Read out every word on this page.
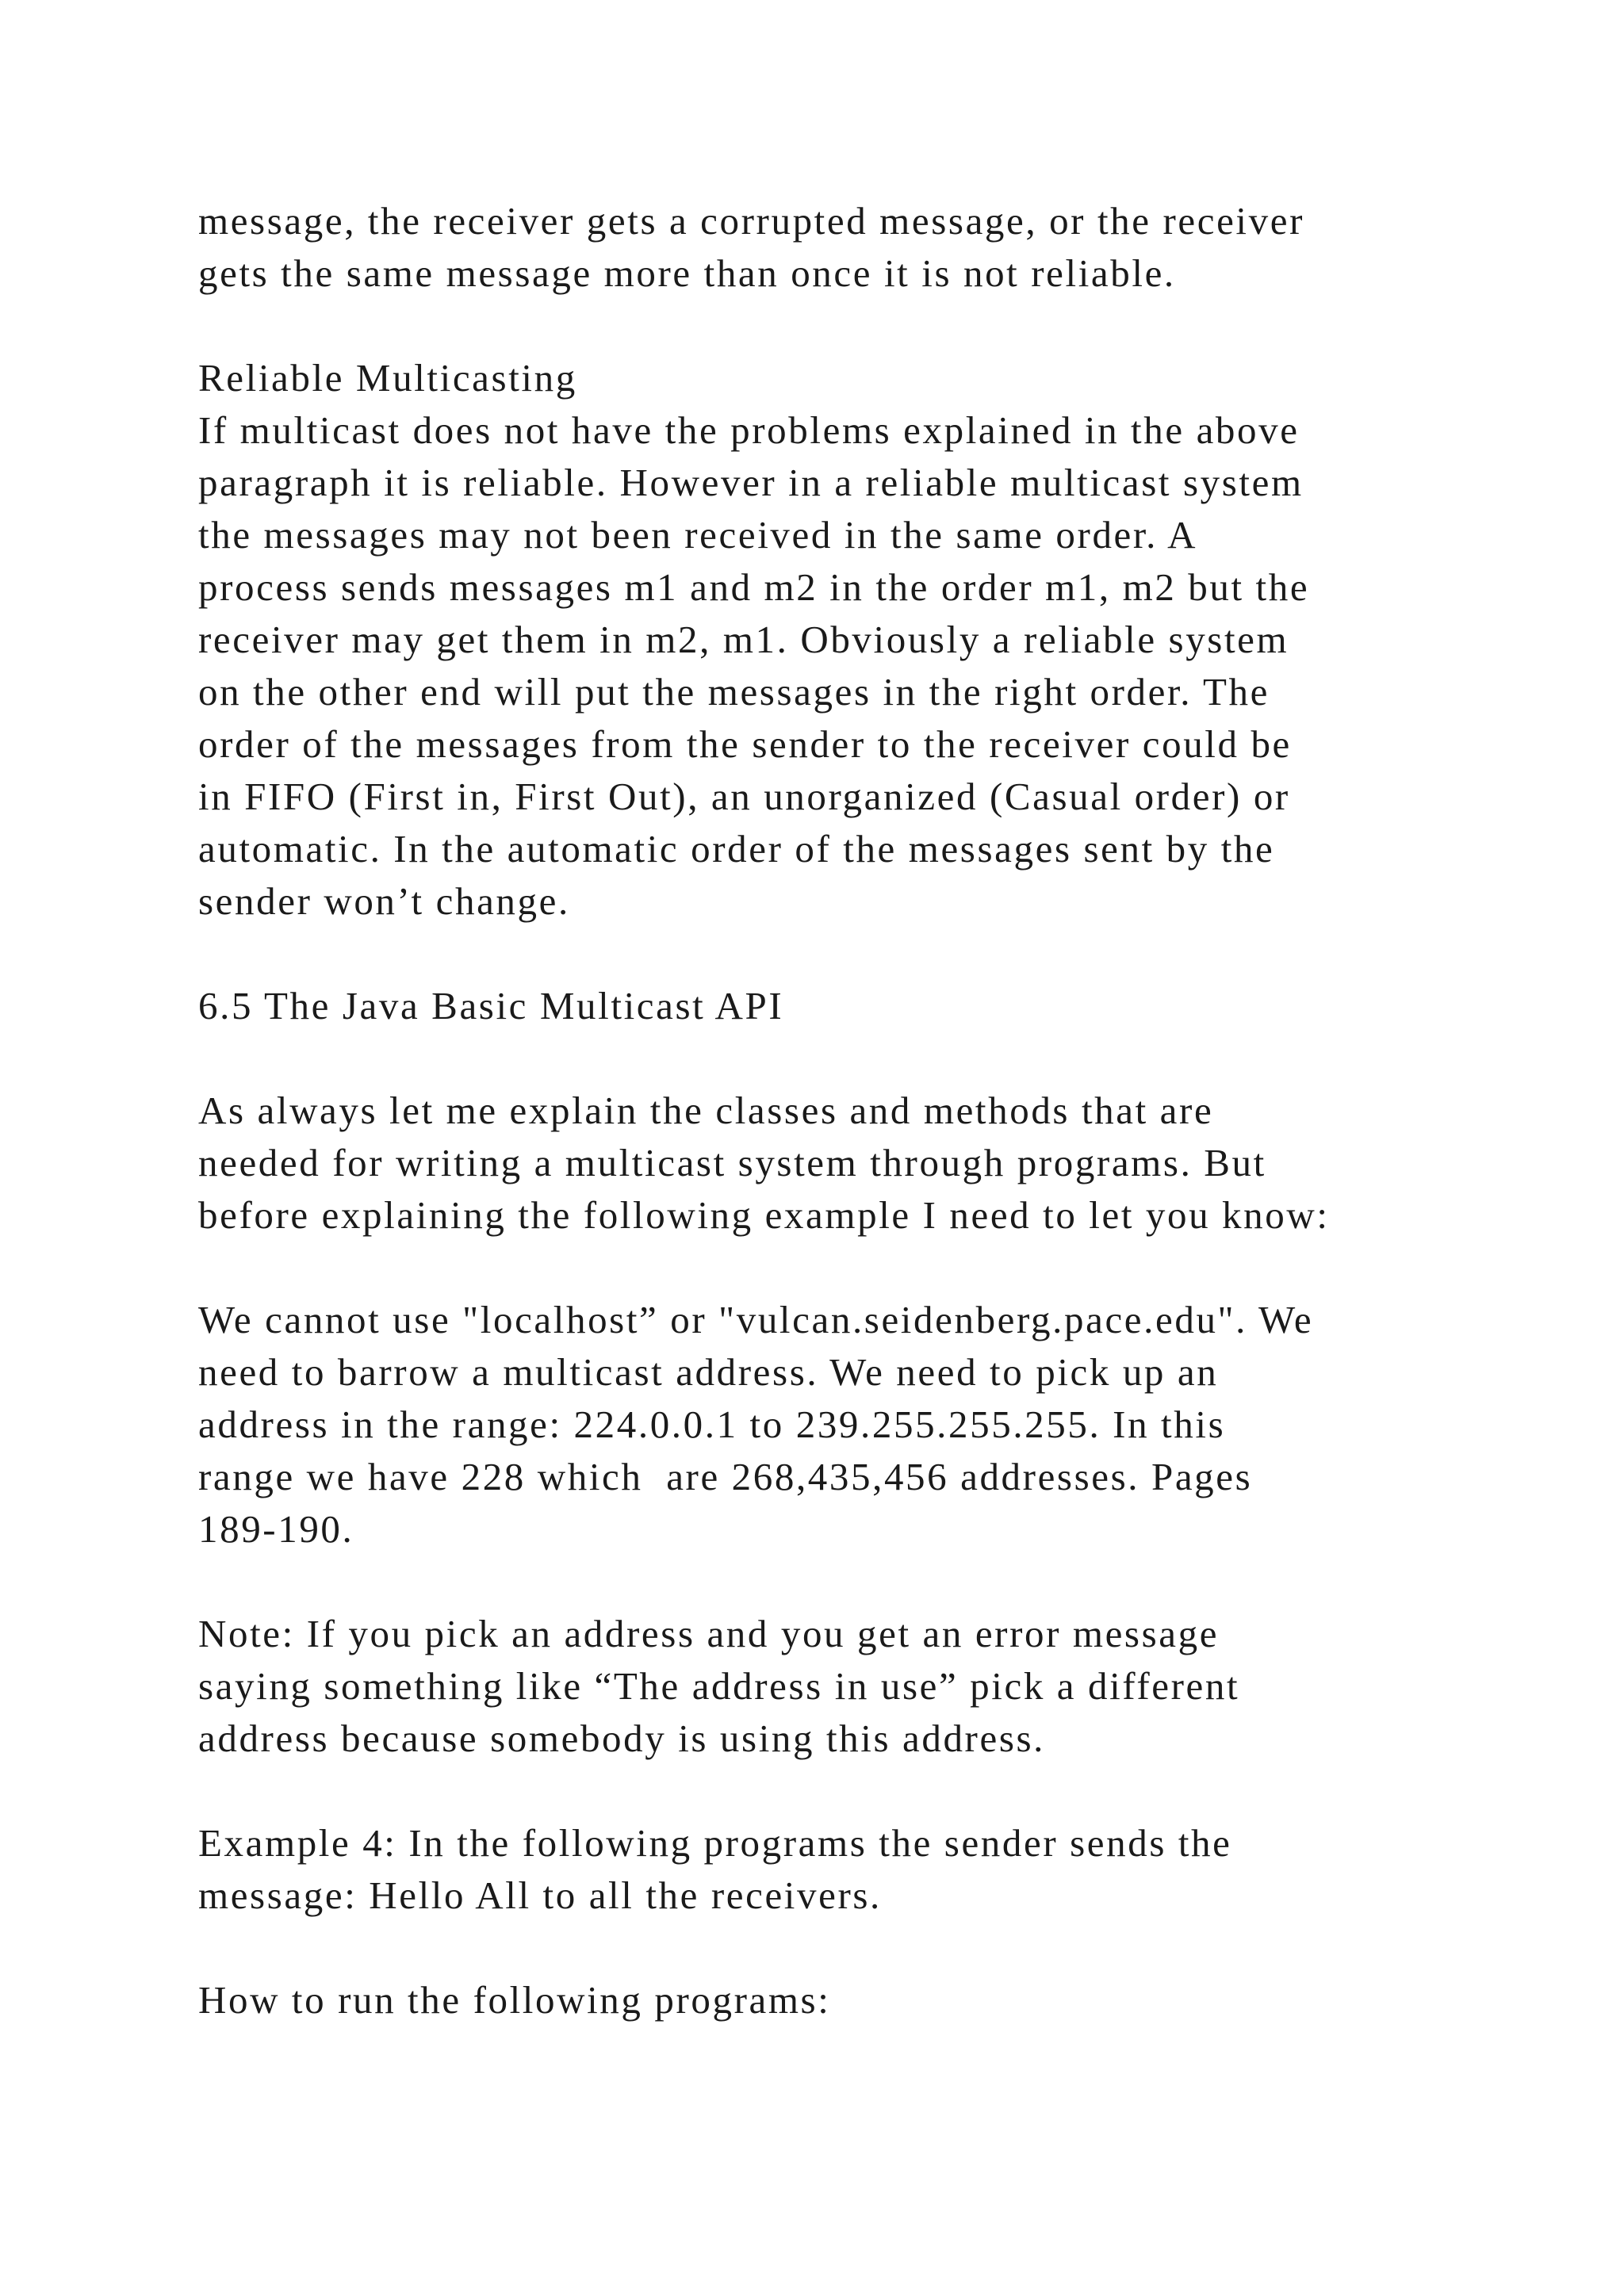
message, the receiver gets a corrupted message, or the receiver
gets the same message more than once it is not reliable.
Reliable Multicasting
If multicast does not have the problems explained in the above
paragraph it is reliable. However in a reliable multicast system
the messages may not been received in the same order. A
process sends messages m1 and m2 in the order m1, m2 but the
receiver may get them in m2, m1. Obviously a reliable system
on the other end will put the messages in the right order. The
order of the messages from the sender to the receiver could be
in FIFO (First in, First Out), an unorganized (Casual order) or
automatic. In the automatic order of the messages sent by the
sender won’t change.
6.5 The Java Basic Multicast API
As always let me explain the classes and methods that are
needed for writing a multicast system through programs. But
before explaining the following example I need to let you know:
We cannot use "localhost” or "vulcan.seidenberg.pace.edu". We
need to barrow a multicast address. We need to pick up an
address in the range: 224.0.0.1 to 239.255.255.255. In this
range we have 228 which  are 268,435,456 addresses. Pages
189-190.
Note: If you pick an address and you get an error message
saying something like “The address in use” pick a different
address because somebody is using this address.
Example 4: In the following programs the sender sends the
message: Hello All to all the receivers.
How to run the following programs:
